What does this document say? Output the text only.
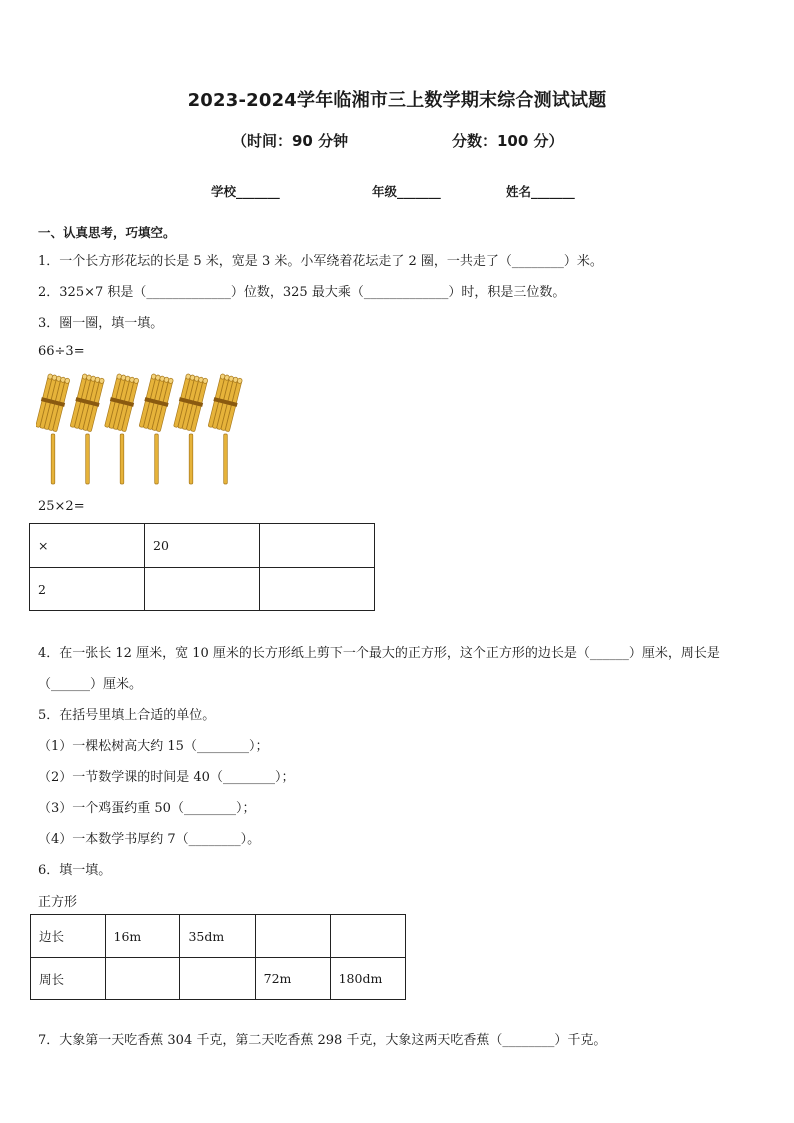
2023-2024学年临湘市三上数学期末综合测试试题
（时间：90 分钟	分数：100 分）
学校_______	年级_______	姓名_______
一、认真思考，巧填空。
1．一个长方形花坛的长是 5 米，宽是 3 米。小军绕着花坛走了 2 圈，一共走了（________）米。
2．325×7 积是（_____________）位数，325 最大乘（_____________）时，积是三位数。
3．圈一圈，填一填。
66÷3=
25×2=
×	20	
2		
4．在一张长 12 厘米，宽 10 厘米的长方形纸上剪下一个最大的正方形，这个正方形的边长是（______）厘米，周长是
（______）厘米。
5．在括号里填上合适的单位。
（1）一棵松树高大约 15（________）；
（2）一节数学课的时间是 40（________）；
（3）一个鸡蛋约重 50（________）；
（4）一本数学书厚约 7（________）。
6．填一填。
正方形
边长	16m	35dm		
周长			72m	180dm
7．大象第一天吃香蕉 304 千克，第二天吃香蕉 298 千克，大象这两天吃香蕉（________）千克。
